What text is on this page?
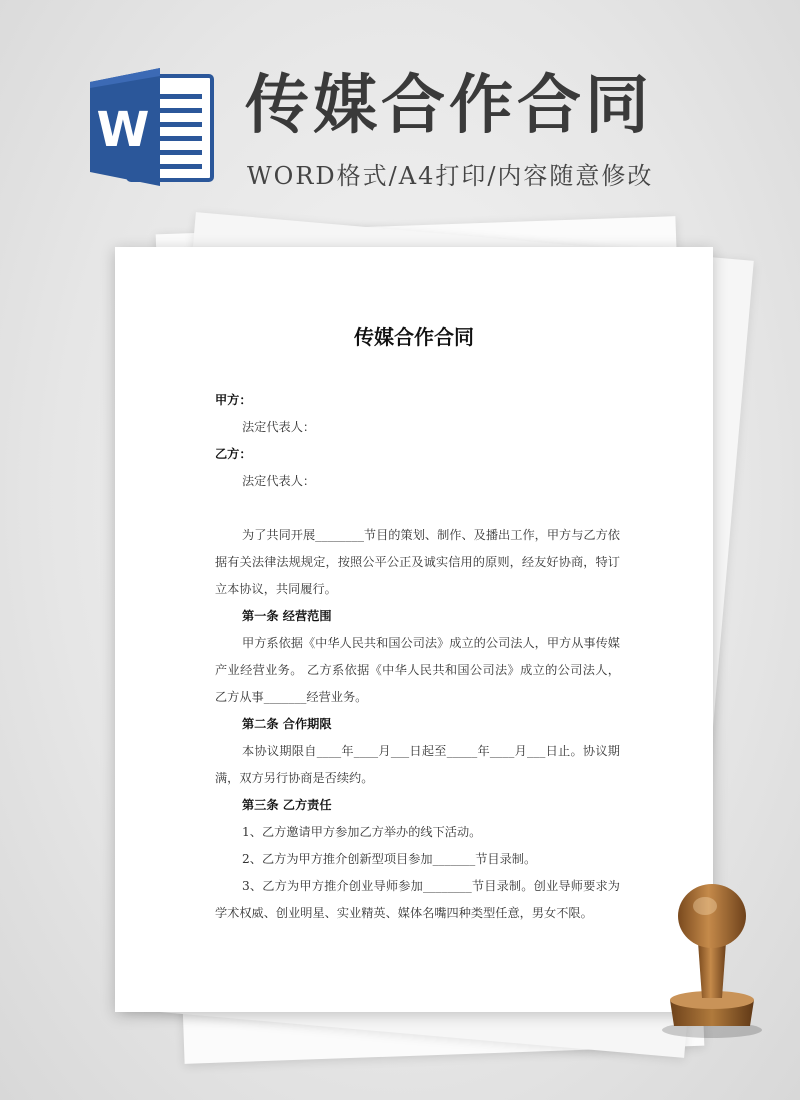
W 传媒合作合同
WORD格式/A4打印/内容随意修改
传媒合作合同

甲方：

法定代表人：

乙方：

法定代表人：

为了共同开展________节目的策划、制作、及播出工作，甲方与乙方依据有关法律法规规定，按照公平公正及诚实信用的原则，经友好协商，特订立本协议，共同履行。

第一条 经营范围

甲方系依据《中华人民共和国公司法》成立的公司法人，甲方从事传媒产业经营业务。 乙方系依据《中华人民共和国公司法》成立的公司法人，乙方从事_______经营业务。

第二条 合作期限

本协议期限自____年____月___日起至_____年____月___日止。协议期满，双方另行协商是否续约。

第三条 乙方责任

1、乙方邀请甲方参加乙方举办的线下活动。

2、乙方为甲方推介创新型项目参加_______节目录制。

3、乙方为甲方推介创业导师参加________节目录制。创业导师要求为学术权威、创业明星、实业精英、媒体名嘴四种类型任意，男女不限。
